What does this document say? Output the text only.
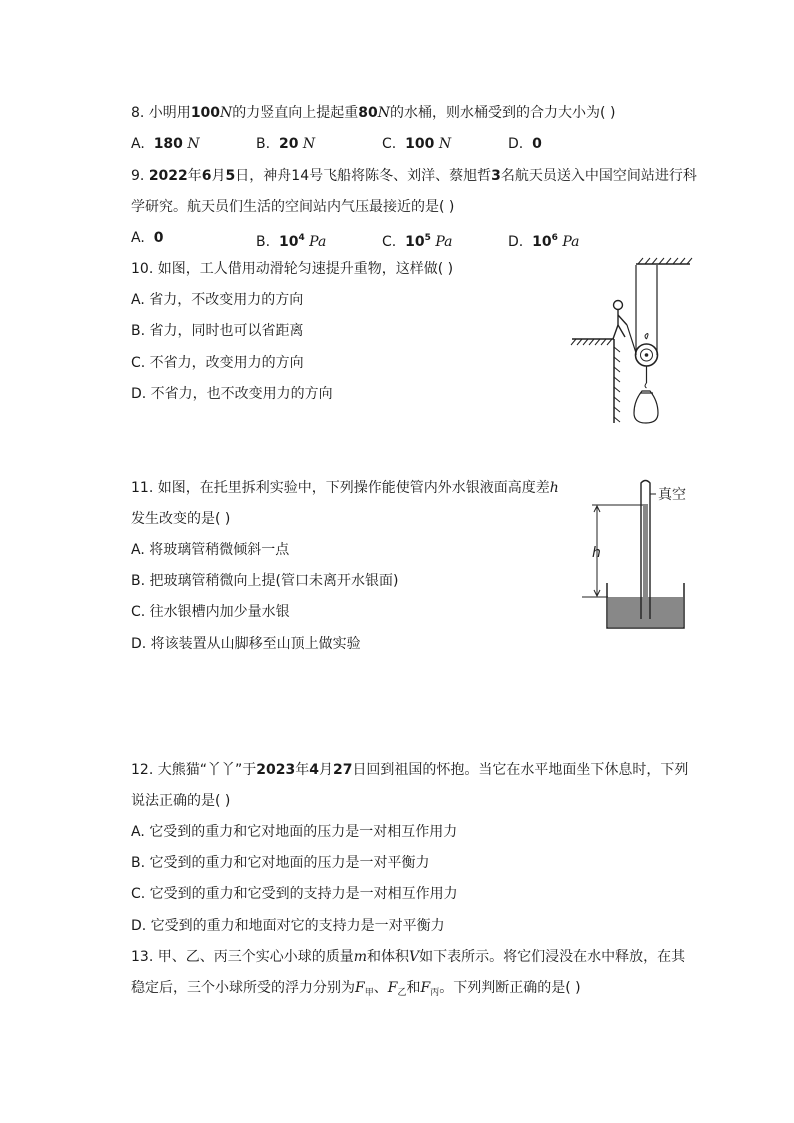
8. 小明用100N的力竖直向上提起重80N的水桶，则水桶受到的合力大小为( )
A. 180 N	B. 20 N	C. 100 N	D. 0
9. 2022年6月5日，神舟14号飞船将陈冬、刘洋、蔡旭哲3名航天员送入中国空间站进行科
学研究。航天员们生活的空间站内气压最接近的是( )
A. 0	B. $10^4$ Pa	C. $10^5$ Pa	D. $10^6$ Pa
10. 如图，工人借用动滑轮匀速提升重物，这样做( )
A. 省力，不改变用力的方向
B. 省力，同时也可以省距离
C. 不省力，改变用力的方向
D. 不省力，也不改变用力的方向
11. 如图，在托里拆利实验中，下列操作能使管内外水银液面高度差h
发生改变的是( )
A. 将玻璃管稍微倾斜一点
B. 把玻璃管稍微向上提(管口未离开水银面)
C. 往水银槽内加少量水银
D. 将该装置从山脚移至山顶上做实验
真空
h
12. 大熊猫“丫丫”于2023年4月27日回到祖国的怀抱。当它在水平地面坐下休息时，下列
说法正确的是( )
A. 它受到的重力和它对地面的压力是一对相互作用力
B. 它受到的重力和它对地面的压力是一对平衡力
C. 它受到的重力和它受到的支持力是一对相互作用力
D. 它受到的重力和地面对它的支持力是一对平衡力
13. 甲、乙、丙三个实心小球的质量m和体积V如下表所示。将它们浸没在水中释放，在其
稳定后，三个小球所受的浮力分别为$F_甲$、$F_乙$和$F_丙$。下列判断正确的是( )
